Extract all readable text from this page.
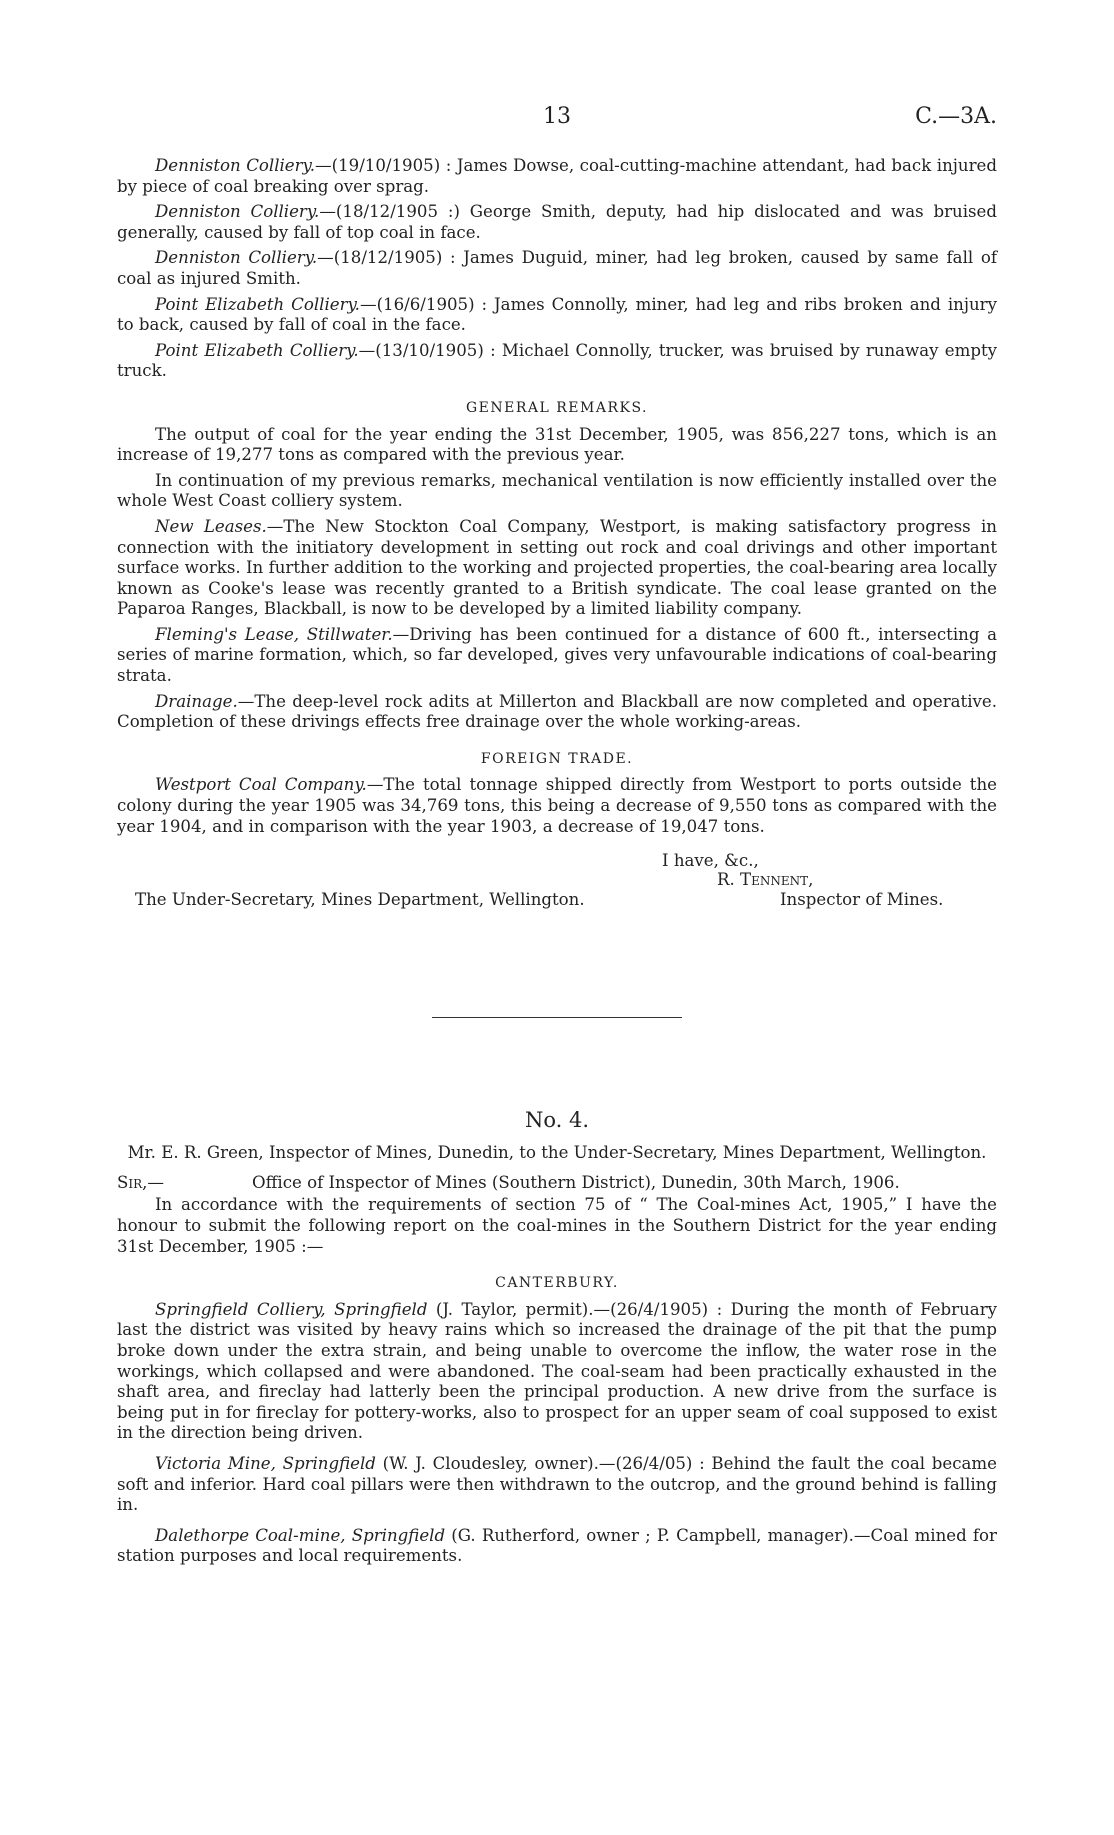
13	C.—3A.

Denniston Colliery.—(19/10/1905) : James Dowse, coal-cutting-machine attendant, had back injured by piece of coal breaking over sprag.

Denniston Colliery.—(18/12/1905 :) George Smith, deputy, had hip dislocated and was bruised generally, caused by fall of top coal in face.

Denniston Colliery.—(18/12/1905) : James Duguid, miner, had leg broken, caused by same fall of coal as injured Smith.

Point Elizabeth Colliery.—(16/6/1905) : James Connolly, miner, had leg and ribs broken and injury to back, caused by fall of coal in the face.

Point Elizabeth Colliery.—(13/10/1905) : Michael Connolly, trucker, was bruised by runaway empty truck.

GENERAL REMARKS.

The output of coal for the year ending the 31st December, 1905, was 856,227 tons, which is an increase of 19,277 tons as compared with the previous year.

In continuation of my previous remarks, mechanical ventilation is now efficiently installed over the whole West Coast colliery system.

New Leases.—The New Stockton Coal Company, Westport, is making satisfactory progress in connection with the initiatory development in setting out rock and coal drivings and other important surface works. In further addition to the working and projected properties, the coal-bearing area locally known as Cooke's lease was recently granted to a British syndicate. The coal lease granted on the Paparoa Ranges, Blackball, is now to be developed by a limited liability company.

Fleming's Lease, Stillwater.—Driving has been continued for a distance of 600 ft., intersecting a series of marine formation, which, so far developed, gives very unfavourable indications of coal-bearing strata.

Drainage.—The deep-level rock adits at Millerton and Blackball are now completed and operative. Completion of these drivings effects free drainage over the whole working-areas.

FOREIGN TRADE.

Westport Coal Company.—The total tonnage shipped directly from Westport to ports outside the colony during the year 1905 was 34,769 tons, this being a decrease of 9,550 tons as compared with the year 1904, and in comparison with the year 1903, a decrease of 19,047 tons.

I have, &c.,
R. Tennent,
The Under-Secretary, Mines Department, Wellington.	Inspector of Mines.
No. 4.

Mr. E. R. Green, Inspector of Mines, Dunedin, to the Under-Secretary, Mines Department, Wellington.

Sir,—	Office of Inspector of Mines (Southern District), Dunedin, 30th March, 1906.

In accordance with the requirements of section 75 of “ The Coal-mines Act, 1905,” I have the honour to submit the following report on the coal-mines in the Southern District for the year ending 31st December, 1905 :—

CANTERBURY.

Springfield Colliery, Springfield (J. Taylor, permit).—(26/4/1905) : During the month of February last the district was visited by heavy rains which so increased the drainage of the pit that the pump broke down under the extra strain, and being unable to overcome the inflow, the water rose in the workings, which collapsed and were abandoned. The coal-seam had been practically exhausted in the shaft area, and fireclay had latterly been the principal production. A new drive from the surface is being put in for fireclay for pottery-works, also to prospect for an upper seam of coal supposed to exist in the direction being driven.

Victoria Mine, Springfield (W. J. Cloudesley, owner).—(26/4/05) : Behind the fault the coal became soft and inferior. Hard coal pillars were then withdrawn to the outcrop, and the ground behind is falling in.

Dalethorpe Coal-mine, Springfield (G. Rutherford, owner ; P. Campbell, manager).—Coal mined for station purposes and local requirements.
